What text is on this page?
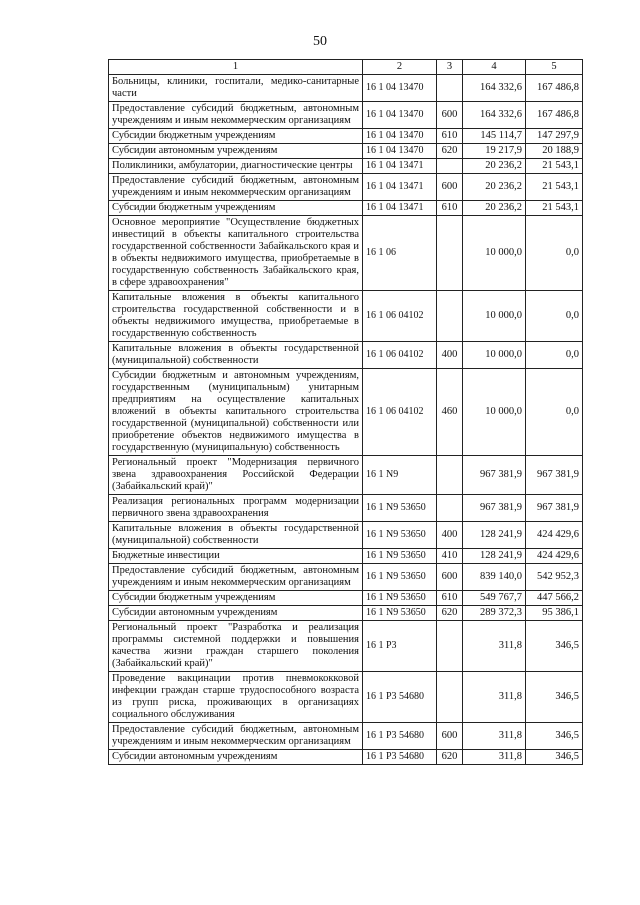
50
1	2	3	4	5
Больницы, клиники, госпитали, медико-санитарные части	16 1 04 13470		164 332,6	167 486,8
Предоставление субсидий бюджетным, автономным учреждениям и иным некоммерческим организациям	16 1 04 13470	600	164 332,6	167 486,8
Субсидии бюджетным учреждениям	16 1 04 13470	610	145 114,7	147 297,9
Субсидии автономным учреждениям	16 1 04 13470	620	19 217,9	20 188,9
Поликлиники, амбулатории, диагностические центры	16 1 04 13471		20 236,2	21 543,1
Предоставление субсидий бюджетным, автономным учреждениям и иным некоммерческим организациям	16 1 04 13471	600	20 236,2	21 543,1
Субсидии бюджетным учреждениям	16 1 04 13471	610	20 236,2	21 543,1
Основное мероприятие "Осуществление бюджетных инвестиций в объекты капитального строительства государственной собственности Забайкальского края и в объекты недвижимого имущества, приобретаемые в государственную собственность Забайкальского края, в сфере здравоохранения"	16 1 06		10 000,0	0,0
Капитальные вложения в объекты капитального строительства государственной собственности и в объекты недвижимого имущества, приобретаемые в государственную собственность	16 1 06 04102		10 000,0	0,0
Капитальные вложения в объекты государственной (муниципальной) собственности	16 1 06 04102	400	10 000,0	0,0
Субсидии бюджетным и автономным учреждениям, государственным (муниципальным) унитарным предприятиям на осуществление капитальных вложений в объекты капитального строительства государственной (муниципальной) собственности или приобретение объектов недвижимого имущества в государственную (муниципальную) собственность	16 1 06 04102	460	10 000,0	0,0
Региональный проект "Модернизация первичного звена здравоохранения Российской Федерации (Забайкальский край)"	16 1 N9		967 381,9	967 381,9
Реализация региональных программ модернизации первичного звена здравоохранения	16 1 N9 53650		967 381,9	967 381,9
Капитальные вложения в объекты государственной (муниципальной) собственности	16 1 N9 53650	400	128 241,9	424 429,6
Бюджетные инвестиции	16 1 N9 53650	410	128 241,9	424 429,6
Предоставление субсидий бюджетным, автономным учреждениям и иным некоммерческим организациям	16 1 N9 53650	600	839 140,0	542 952,3
Субсидии бюджетным учреждениям	16 1 N9 53650	610	549 767,7	447 566,2
Субсидии автономным учреждениям	16 1 N9 53650	620	289 372,3	95 386,1
Региональный проект "Разработка и реализация программы системной поддержки и повышения качества жизни граждан старшего поколения (Забайкальский край)"	16 1 P3		311,8	346,5
Проведение вакцинации против пневмококковой инфекции граждан старше трудоспособного возраста из групп риска, проживающих в организациях социального обслуживания	16 1 P3 54680		311,8	346,5
Предоставление субсидий бюджетным, автономным учреждениям и иным некоммерческим организациям	16 1 P3 54680	600	311,8	346,5
Субсидии автономным учреждениям	16 1 P3 54680	620	311,8	346,5
